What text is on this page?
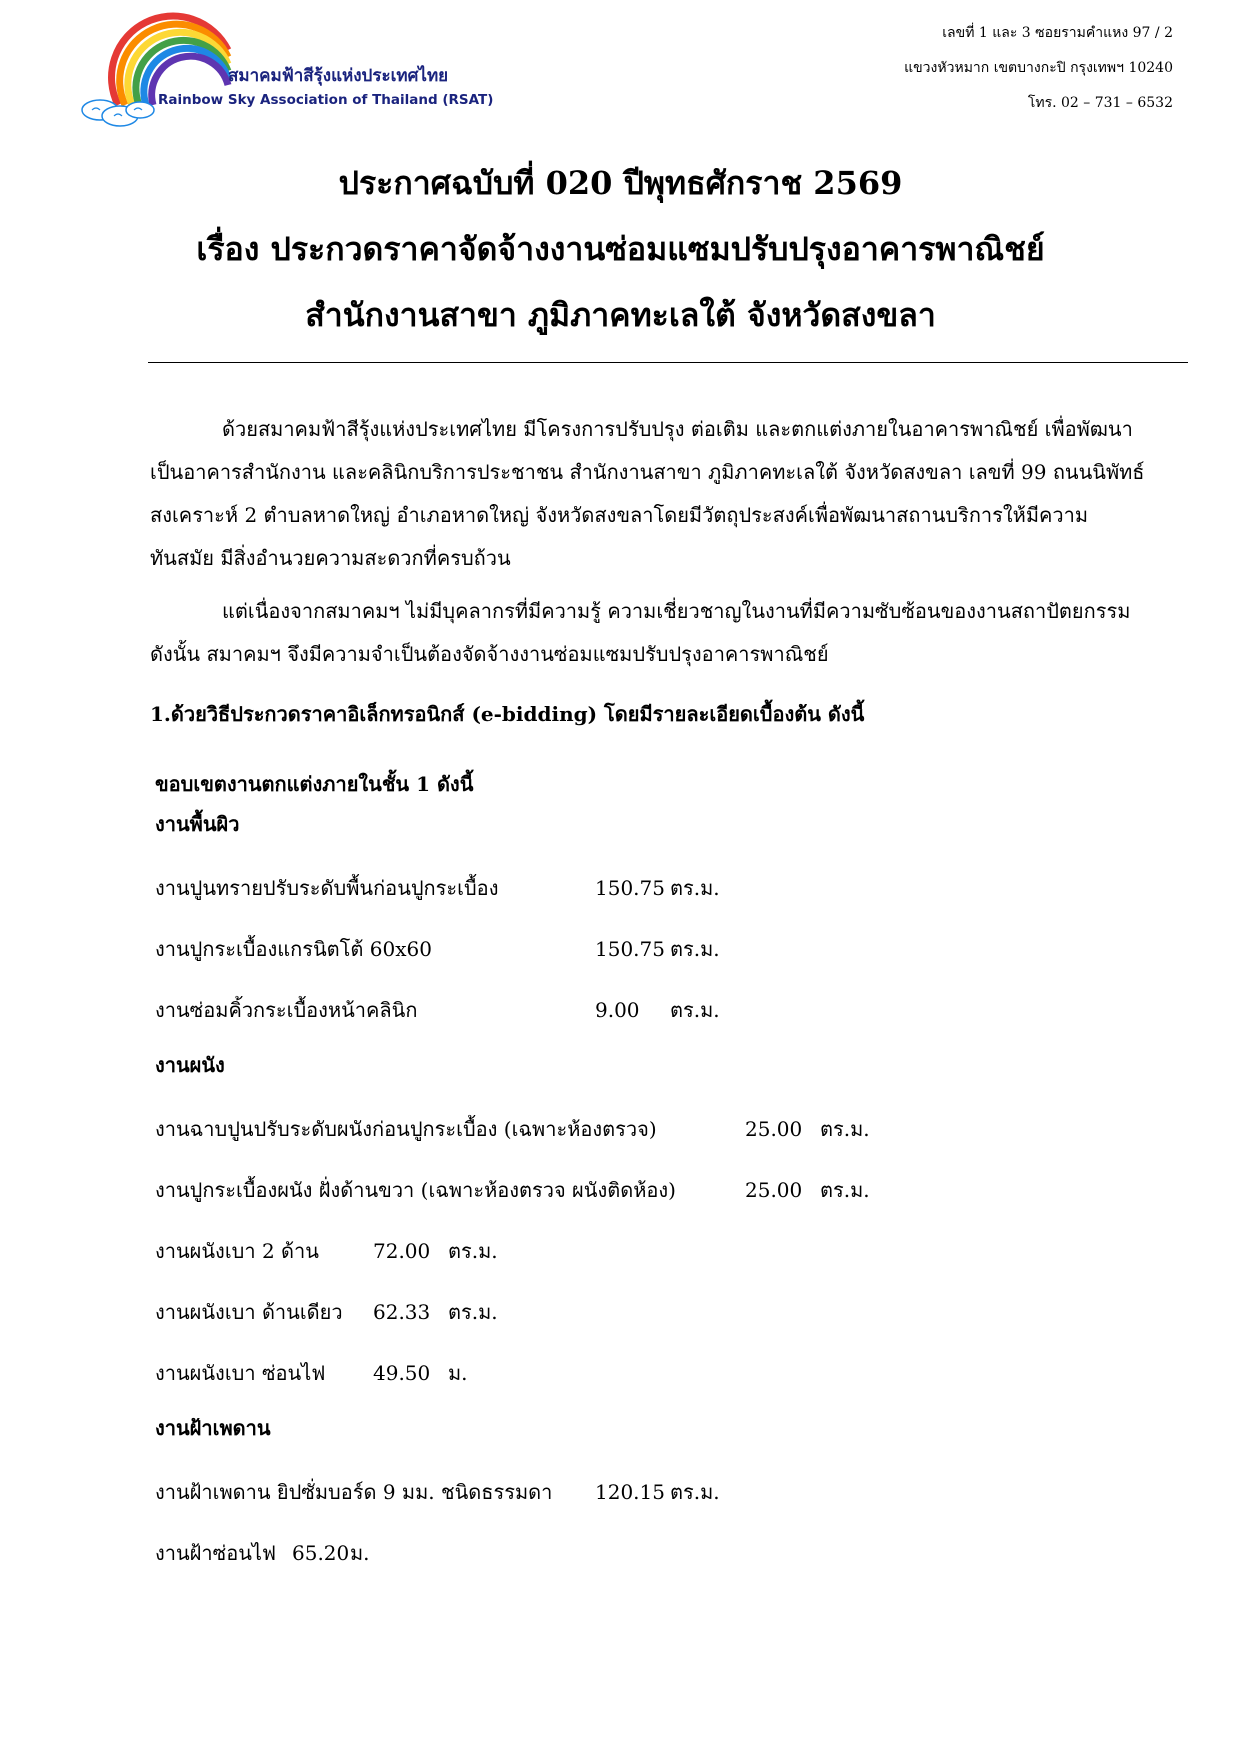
สมาคมฟ้าสีรุ้งแห่งประเทศไทย
Rainbow Sky Association of Thailand (RSAT)
เลขที่ 1 และ 3 ซอยรามคำแหง 97 / 2
แขวงหัวหมาก เขตบางกะปิ กรุงเทพฯ 10240
โทร. 02 – 731 – 6532
ประกาศฉบับที่ 020 ปีพุทธศักราช 2569
เรื่อง ประกวดราคาจัดจ้างงานซ่อมแซมปรับปรุงอาคารพาณิชย์
สำนักงานสาขา ภูมิภาคทะเลใต้ จังหวัดสงขลา

ด้วยสมาคมฟ้าสีรุ้งแห่งประเทศไทย มีโครงการปรับปรุง ต่อเติม และตกแต่งภายในอาคารพาณิชย์ เพื่อพัฒนา

เป็นอาคารสำนักงาน และคลินิกบริการประชาชน สำนักงานสาขา ภูมิภาคทะเลใต้ จังหวัดสงขลา เลขที่ 99 ถนนนิพัทธ์

สงเคราะห์ 2 ตำบลหาดใหญ่ อำเภอหาดใหญ่ จังหวัดสงขลาโดยมีวัตถุประสงค์เพื่อพัฒนาสถานบริการให้มีความ

ทันสมัย มีสิ่งอำนวยความสะดวกที่ครบถ้วน

แต่เนื่องจากสมาคมฯ ไม่มีบุคลากรที่มีความรู้ ความเชี่ยวชาญในงานที่มีความซับซ้อนของงานสถาปัตยกรรม

ดังนั้น สมาคมฯ จึงมีความจำเป็นต้องจัดจ้างงานซ่อมแซมปรับปรุงอาคารพาณิชย์

1.ด้วยวิธีประกวดราคาอิเล็กทรอนิกส์ (e-bidding) โดยมีรายละเอียดเบื้องต้น ดังนี้
ขอบเขตงานตกแต่งภายในชั้น 1 ดังนี้
งานพื้นผิว
งานปูนทรายปรับระดับพื้นก่อนปูกระเบื้อง	150.75 ตร.ม.
งานปูกระเบื้องแกรนิตโต้ 60x60	150.75 ตร.ม.
งานซ่อมคิ้วกระเบื้องหน้าคลินิก	9.00	ตร.ม.
งานผนัง
งานฉาบปูนปรับระดับผนังก่อนปูกระเบื้อง (เฉพาะห้องตรวจ)	25.00 ตร.ม.
งานปูกระเบื้องผนัง ฝั่งด้านขวา (เฉพาะห้องตรวจ ผนังติดห้อง)	25.00 ตร.ม.
งานผนังเบา 2 ด้าน	72.00 ตร.ม.
งานผนังเบา ด้านเดียว	62.33 ตร.ม.
งานผนังเบา ซ่อนไฟ	49.50 ม.
งานฝ้าเพดาน
งานฝ้าเพดาน ยิปซั่มบอร์ด 9 มม. ชนิดธรรมดา	120.15 ตร.ม.
งานฝ้าซ่อนไฟ 65.20 ม.
